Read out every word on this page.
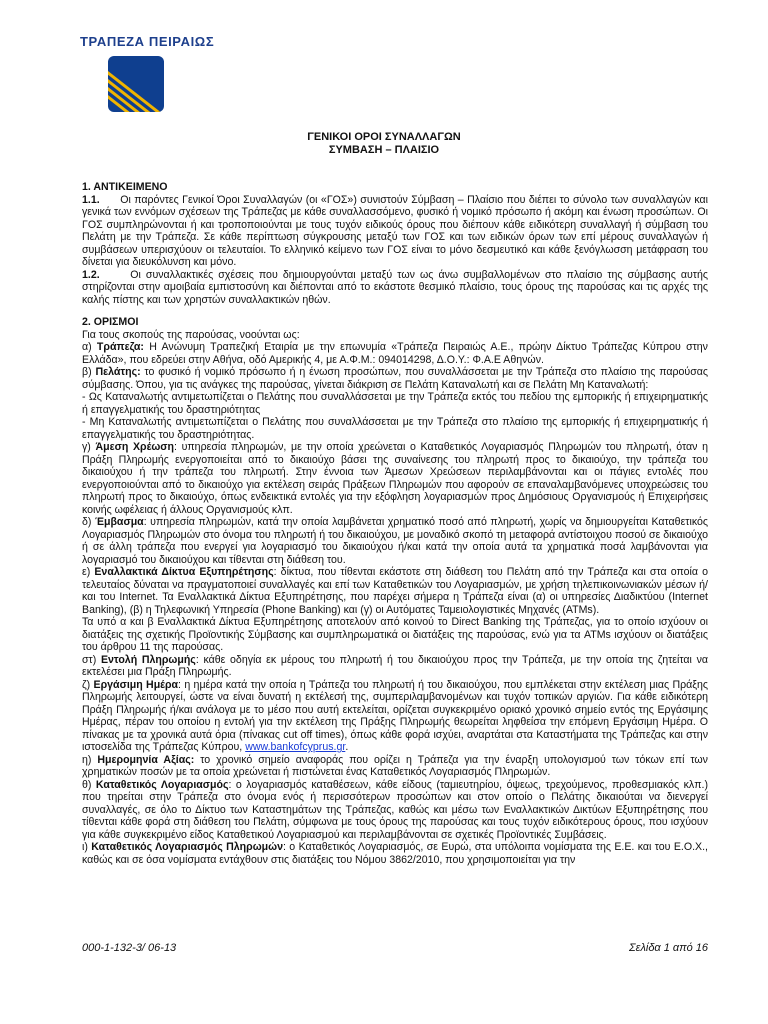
ΤΡΑΠΕΖΑ ΠΕΙΡΑΙΩΣ
ΓΕΝΙΚΟΙ ΟΡΟΙ ΣΥΝΑΛΛΑΓΩΝ
ΣΥΜΒΑΣΗ – ΠΛΑΙΣΙΟ

1. ΑΝΤΙΚΕΙΜΕΝΟ

1.1. Οι παρόντες Γενικοί Όροι Συναλλαγών (οι «ΓΟΣ») συνιστούν Σύμβαση – Πλαίσιο που διέπει το σύνολο των συναλλαγών και γενικά των εννόμων σχέσεων της Τράπεζας με κάθε συναλλασσόμενο, φυσικό ή νομικό πρόσωπο ή ακόμη και ένωση προσώπων. Οι ΓΟΣ συμπληρώνονται ή και τροποποιούνται με τους τυχόν ειδικούς όρους που διέπουν κάθε ειδικότερη συναλλαγή ή σύμβαση του Πελάτη με την Τράπεζα. Σε κάθε περίπτωση σύγκρουσης μεταξύ των ΓΟΣ και των ειδικών όρων των επί μέρους συναλλαγών ή συμβάσεων υπερισχύουν οι τελευταίοι. Το ελληνικό κείμενο των ΓΟΣ είναι το μόνο δεσμευτικό και κάθε ξενόγλωσση μετάφραση του δίνεται για διευκόλυνση και μόνο.

1.2.	Οι συναλλακτικές σχέσεις που δημιουργούνται μεταξύ των ως άνω συμβαλλομένων στο πλαίσιο της σύμβασης αυτής στηρίζονται στην αμοιβαία εμπιστοσύνη και διέπονται από το εκάστοτε θεσμικό πλαίσιο, τους όρους της παρούσας και τις αρχές της καλής πίστης και των χρηστών συναλλακτικών ηθών.

2. ΟΡΙΣΜΟΙ

Για τους σκοπούς της παρούσας, νοούνται ως:

α) Τράπεζα: Η Ανώνυμη Τραπεζική Εταιρία με την επωνυμία «Τράπεζα Πειραιώς Α.Ε., πρώην Δίκτυο Τράπεζας Κύπρου στην Ελλάδα», που εδρεύει στην Αθήνα, οδό Αμερικής 4, με Α.Φ.Μ.: 094014298, Δ.Ο.Υ.: Φ.Α.Ε Αθηνών.

β) Πελάτης: το φυσικό ή νομικό πρόσωπο ή η ένωση προσώπων, που συναλλάσσεται με την Τράπεζα στο πλαίσιο της παρούσας σύμβασης. Όπου, για τις ανάγκες της παρούσας, γίνεται διάκριση σε Πελάτη Καταναλωτή και σε Πελάτη Μη Καταναλωτή:

- Ως Καταναλωτής αντιμετωπίζεται ο Πελάτης που συναλλάσσεται με την Τράπεζα εκτός του πεδίου της εμπορικής ή επιχειρηματικής ή επαγγελματικής του δραστηριότητας

- Μη Καταναλωτής αντιμετωπίζεται ο Πελάτης που συναλλάσσεται με την Τράπεζα στο πλαίσιο της εμπορικής ή επιχειρηματικής ή επαγγελματικής του δραστηριότητας.

γ) Άμεση Χρέωση: υπηρεσία πληρωμών, με την οποία χρεώνεται ο Καταθετικός Λογαριασμός Πληρωμών του πληρωτή, όταν η Πράξη Πληρωμής ενεργοποιείται από το δικαιούχο βάσει της συναίνεσης του πληρωτή προς το δικαιούχο, την τράπεζα του δικαιούχου ή την τράπεζα του πληρωτή. Στην έννοια των Άμεσων Χρεώσεων περιλαμβάνονται και οι πάγιες εντολές που ενεργοποιούνται από το δικαιούχο για εκτέλεση σειράς Πράξεων Πληρωμών που αφορούν σε επαναλαμβανόμενες υποχρεώσεις του πληρωτή προς το δικαιούχο, όπως ενδεικτικά εντολές για την εξόφληση λογαριασμών προς Δημόσιους Οργανισμούς ή Επιχειρήσεις κοινής ωφέλειας ή άλλους Οργανισμούς κλπ.

δ) Έμβασμα: υπηρεσία πληρωμών, κατά την οποία λαμβάνεται χρηματικό ποσό από πληρωτή, χωρίς να δημιουργείται Καταθετικός Λογαριασμός Πληρωμών στο όνομα του πληρωτή ή του δικαιούχου, με μοναδικό σκοπό τη μεταφορά αντίστοιχου ποσού σε δικαιούχο ή σε άλλη τράπεζα που ενεργεί για λογαριασμό του δικαιούχου ή/και κατά την οποία αυτά τα χρηματικά ποσά λαμβάνονται για λογαριασμό του δικαιούχου και τίθενται στη διάθεση του.

ε) Εναλλακτικά Δίκτυα Εξυπηρέτησης: δίκτυα, που τίθενται εκάστοτε στη διάθεση του Πελάτη από την Τράπεζα και στα οποία ο τελευταίος δύναται να πραγματοποιεί συναλλαγές και επί των Καταθετικών του Λογαριασμών, με χρήση τηλεπικοινωνιακών μέσων ή/και του Internet. Τα Εναλλακτικά Δίκτυα Εξυπηρέτησης, που παρέχει σήμερα η Τράπεζα είναι (α) οι υπηρεσίες Διαδικτύου (Internet Banking), (β) η Τηλεφωνική Υπηρεσία (Phone Banking) και (γ) οι Αυτόματες Ταμειολογιστικές Μηχανές (ATMs).

Τα υπό α και β Εναλλακτικά Δίκτυα Εξυπηρέτησης αποτελούν από κοινού το Direct Banking της Τράπεζας, για το οποίο ισχύουν οι διατάξεις της σχετικής Προϊοντικής Σύμβασης και συμπληρωματικά οι διατάξεις της παρούσας, ενώ για τα ATMs ισχύουν οι διατάξεις του άρθρου 11 της παρούσας.

στ) Εντολή Πληρωμής: κάθε οδηγία εκ μέρους του πληρωτή ή του δικαιούχου προς την Τράπεζα, με την οποία της ζητείται να εκτελέσει μια Πράξη Πληρωμής.

ζ) Εργάσιμη Ημέρα: η ημέρα κατά την οποία η Τράπεζα του πληρωτή ή του δικαιούχου, που εμπλέκεται στην εκτέλεση μιας Πράξης Πληρωμής λειτουργεί, ώστε να είναι δυνατή η εκτέλεσή της, συμπεριλαμβανομένων και τυχόν τοπικών αργιών. Για κάθε ειδικότερη Πράξη Πληρωμής ή/και ανάλογα με το μέσο που αυτή εκτελείται, ορίζεται συγκεκριμένο οριακό χρονικό σημείο εντός της Εργάσιμης Ημέρας, πέραν του οποίου η εντολή για την εκτέλεση της Πράξης Πληρωμής θεωρείται ληφθείσα την επόμενη Εργάσιμη Ημέρα. Ο πίνακας με τα χρονικά αυτά όρια (πίνακας cut off times), όπως κάθε φορά ισχύει, αναρτάται στα Καταστήματα της Τράπεζας και στην ιστοσελίδα της Τράπεζας Κύπρου, www.bankofcyprus.gr.

η) Ημερομηνία Αξίας: το χρονικό σημείο αναφοράς που ορίζει η Τράπεζα για την έναρξη υπολογισμού των τόκων επί των χρηματικών ποσών με τα οποία χρεώνεται ή πιστώνεται ένας Καταθετικός Λογαριασμός Πληρωμών.

θ) Καταθετικός Λογαριασμός: ο λογαριασμός καταθέσεων, κάθε είδους (ταμιευτηρίου, όψεως, τρεχούμενος, προθεσμιακός κλπ.) που τηρείται στην Τράπεζα στο όνομα ενός ή περισσότερων προσώπων και στον οποίο ο Πελάτης δικαιούται να διενεργεί συναλλαγές, σε όλο το Δίκτυο των Καταστημάτων της Τράπεζας, καθώς και μέσω των Εναλλακτικών Δικτύων Εξυπηρέτησης που τίθενται κάθε φορά στη διάθεση του Πελάτη, σύμφωνα με τους όρους της παρούσας και τους τυχόν ειδικότερους όρους, που ισχύουν για κάθε συγκεκριμένο είδος Καταθετικού Λογαριασμού και περιλαμβάνονται σε σχετικές Προϊοντικές Συμβάσεις.

ι) Καταθετικός Λογαριασμός Πληρωμών: ο Καταθετικός Λογαριασμός, σε Ευρώ, στα υπόλοιπα νομίσματα της Ε.Ε. και του Ε.Ο.Χ., καθώς και σε όσα νομίσματα εντάχθουν στις διατάξεις του Νόμου 3862/2010, που χρησιμοποιείται για την

000-1-132-3/ 06-13	Σελίδα 1 από 16
